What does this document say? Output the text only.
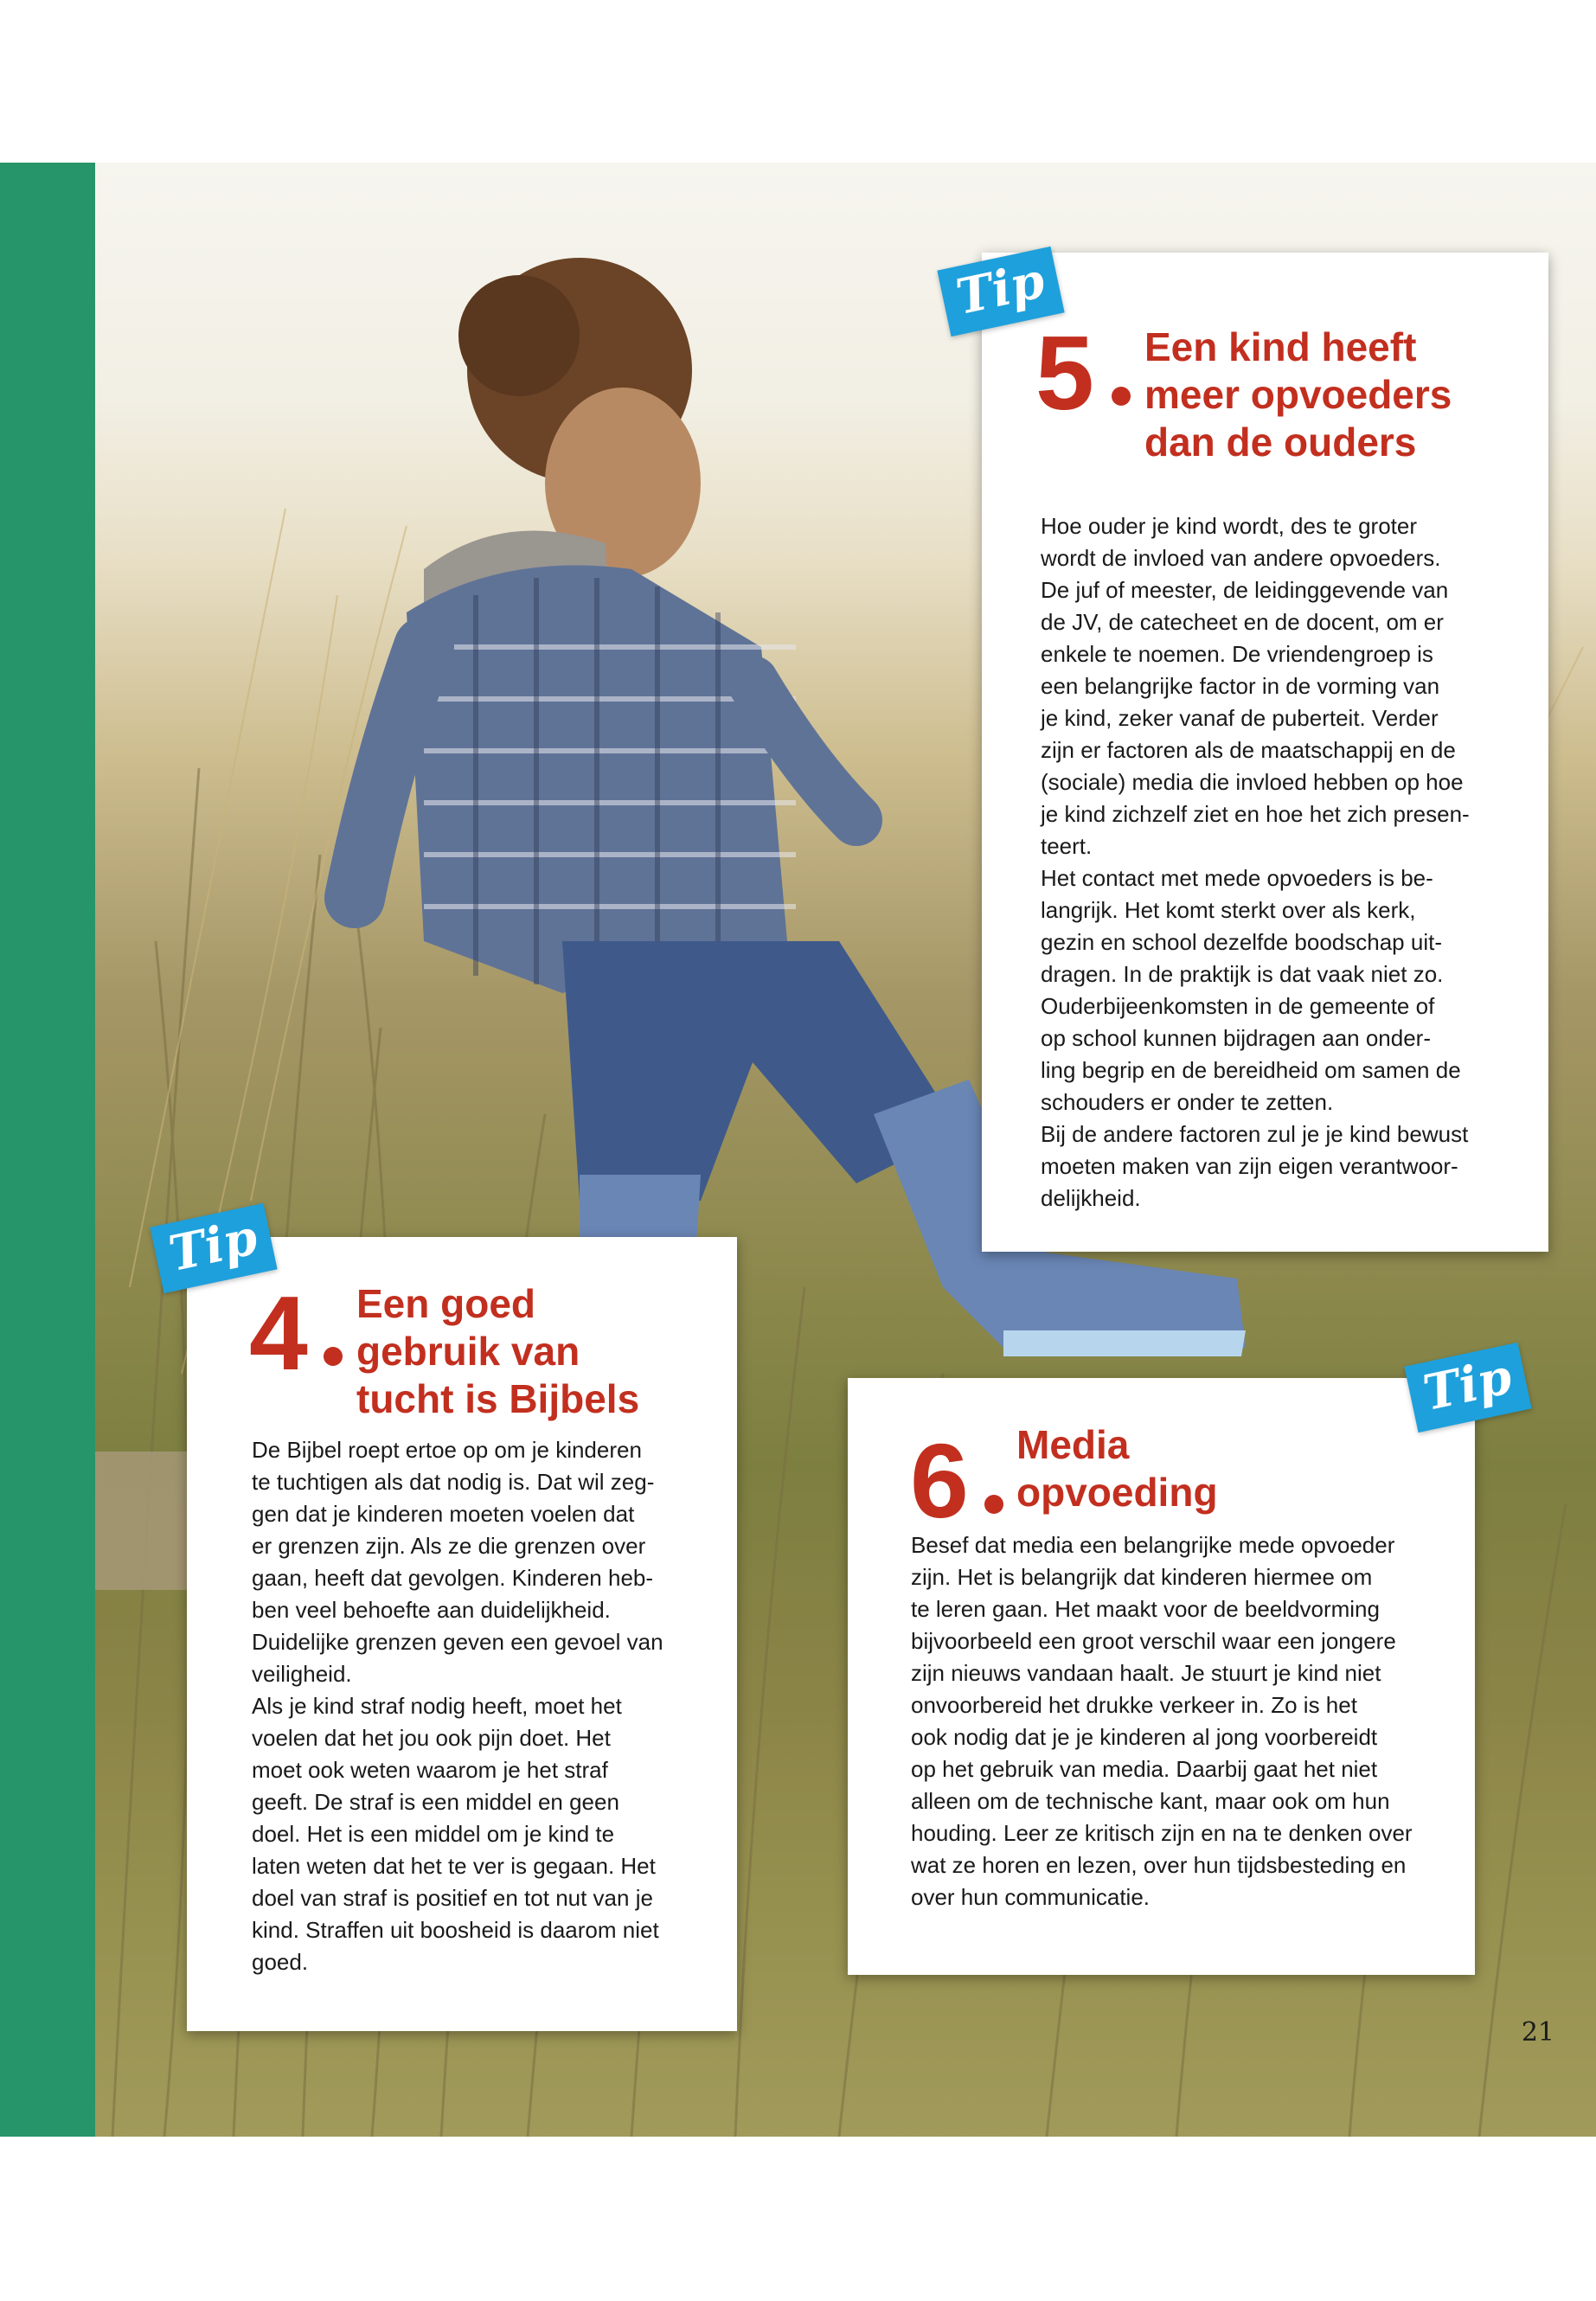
5 Een kind heeft
meer opvoeders
dan de ouders
Hoe ouder je kind wordt, des te groter
wordt de invloed van andere opvoeders.
De juf of meester, de leidinggevende van
de JV, de catecheet en de docent, om er
enkele te noemen. De vriendengroep is
een belangrijke factor in de vorming van
je kind, zeker vanaf de puberteit. Verder
zijn er factoren als de maatschappij en de
(sociale) media die invloed hebben op hoe
je kind zichzelf ziet en hoe het zich presen-
teert.
Het contact met mede opvoeders is be-
langrijk. Het komt sterkt over als kerk,
gezin en school dezelfde boodschap uit-
dragen. In de praktijk is dat vaak niet zo.
Ouderbijeenkomsten in de gemeente of
op school kunnen bijdragen aan onder-
ling begrip en de bereidheid om samen de
schouders er onder te zetten.
Bij de andere factoren zul je je kind bewust
moeten maken van zijn eigen verantwoor-
delijkheid.
Tip
4 Een goed
gebruik van
tucht is Bijbels
De Bijbel roept ertoe op om je kinderen
te tuchtigen als dat nodig is. Dat wil zeg-
gen dat je kinderen moeten voelen dat
er grenzen zijn. Als ze die grenzen over
gaan, heeft dat gevolgen. Kinderen heb-
ben veel behoefte aan duidelijkheid.
Duidelijke grenzen geven een gevoel van
veiligheid.
Als je kind straf nodig heeft, moet het
voelen dat het jou ook pijn doet. Het
moet ook weten waarom je het straf
geeft. De straf is een middel en geen
doel. Het is een middel om je kind te
laten weten dat het te ver is gegaan. Het
doel van straf is positief en tot nut van je
kind. Straffen uit boosheid is daarom niet
goed.
Tip
6 Media
opvoeding
Besef dat media een belangrijke mede opvoeder
zijn. Het is belangrijk dat kinderen hiermee om
te leren gaan. Het maakt voor de beeldvorming
bijvoorbeeld een groot verschil waar een jongere
zijn nieuws vandaan haalt. Je stuurt je kind niet
onvoorbereid het drukke verkeer in. Zo is het
ook nodig dat je je kinderen al jong voorbereidt
op het gebruik van media. Daarbij gaat het niet
alleen om de technische kant, maar ook om hun
houding. Leer ze kritisch zijn en na te denken over
wat ze horen en lezen, over hun tijdsbesteding en
over hun communicatie.
Tip
21
